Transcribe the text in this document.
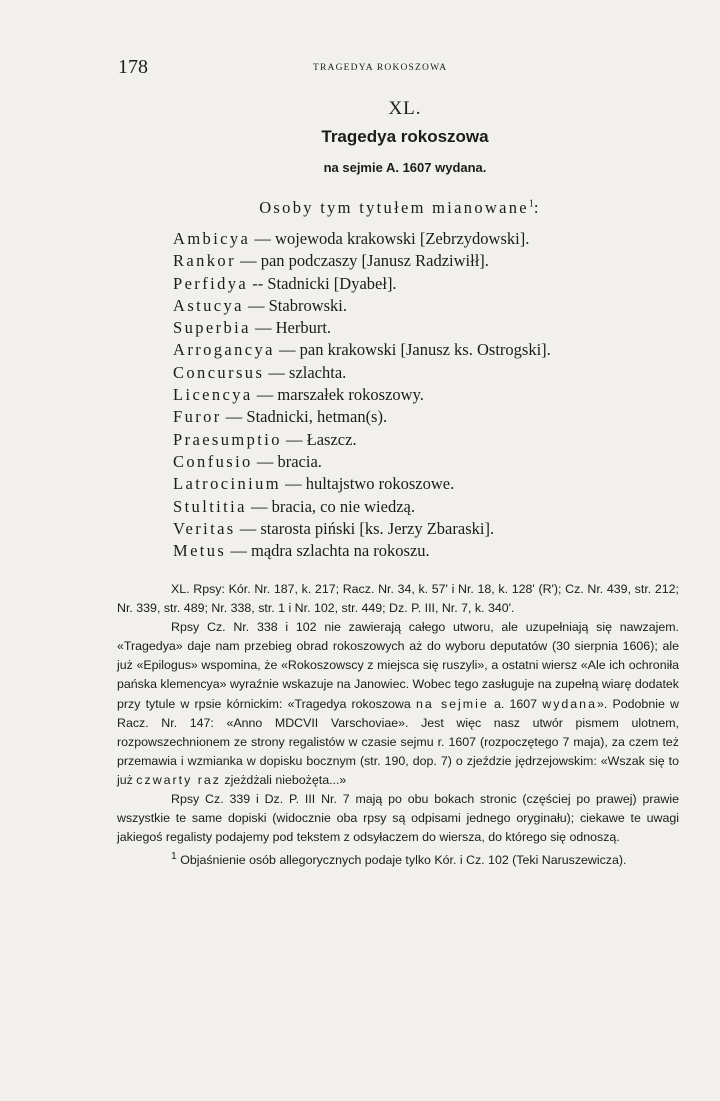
178	TRAGEDYA ROKOSZOWA
XL.
Tragedya rokoszowa
na sejmie A. 1607 wydana.
Osoby tym tytułem mianowane$^1$:
Ambicya — wojewoda krakowski [Zebrzydowski].
Rankor — pan podczaszy [Janusz Radziwiłł].
Perfidya -- Stadnicki [Dyabeł].
Astucya — Stabrowski.
Superbia — Herburt.
Arrogancya — pan krakowski [Janusz ks. Ostrogski].
Concursus — szlachta.
Licencya — marszałek rokoszowy.
Furor — Stadnicki, hetman(s).
Praesumptio — Łaszcz.
Confusio — bracia.
Latrocinium — hultajstwo rokoszowe.
Stultitia — bracia, co nie wiedzą.
Veritas — starosta piński [ks. Jerzy Zbaraski].
Metus — mądra szlachta na rokoszu.

XL. Rpsy: Kór. Nr. 187, k. 217; Racz. Nr. 34, k. 57' i Nr. 18, k. 128' (R'); Cz. Nr. 439, str. 212; Nr. 339, str. 489; Nr. 338, str. 1 i Nr. 102, str. 449; Dz. P. III, Nr. 7, k. 340'.

Rpsy Cz. Nr. 338 i 102 nie zawierają całego utworu, ale uzupełniają się nawzajem. «Tragedya» daje nam przebieg obrad rokoszowych aż do wyboru deputatów (30 sierpnia 1606); ale już «Epilogus» wspomina, że «Rokoszowscy z miejsca się ruszyli», a ostatni wiersz «Ale ich ochroniła pańska klemencya» wyraźnie wskazuje na Janowiec. Wobec tego zasługuje na zupełną wiarę dodatek przy tytule w rpsie kórnickim: «Tragedya rokoszowa na sejmie a. 1607 wydana». Podobnie w Racz. Nr. 147: «Anno MDCVII Varschoviae». Jest więc nasz utwór pismem ulotnem, rozpowszechnionem ze strony regalistów w czasie sejmu r. 1607 (rozpoczętego 7 maja), za czem też przemawia i wzmianka w dopisku bocznym (str. 190, dop. 7) o zjeździe jędrzejowskim: «Wszak się to już czwarty raz zjeżdżali niebożęta...»

Rpsy Cz. 339 i Dz. P. III Nr. 7 mają po obu bokach stronic (częściej po prawej) prawie wszystkie te same dopiski (widocznie oba rpsy są odpisami jednego oryginału); ciekawe te uwagi jakiegoś regalisty podajemy pod tekstem z odsyłaczem do wiersza, do którego się odnoszą.

$^1$ Objaśnienie osób allegorycznych podaje tylko Kór. i Cz. 102 (Teki Naruszewicza).
